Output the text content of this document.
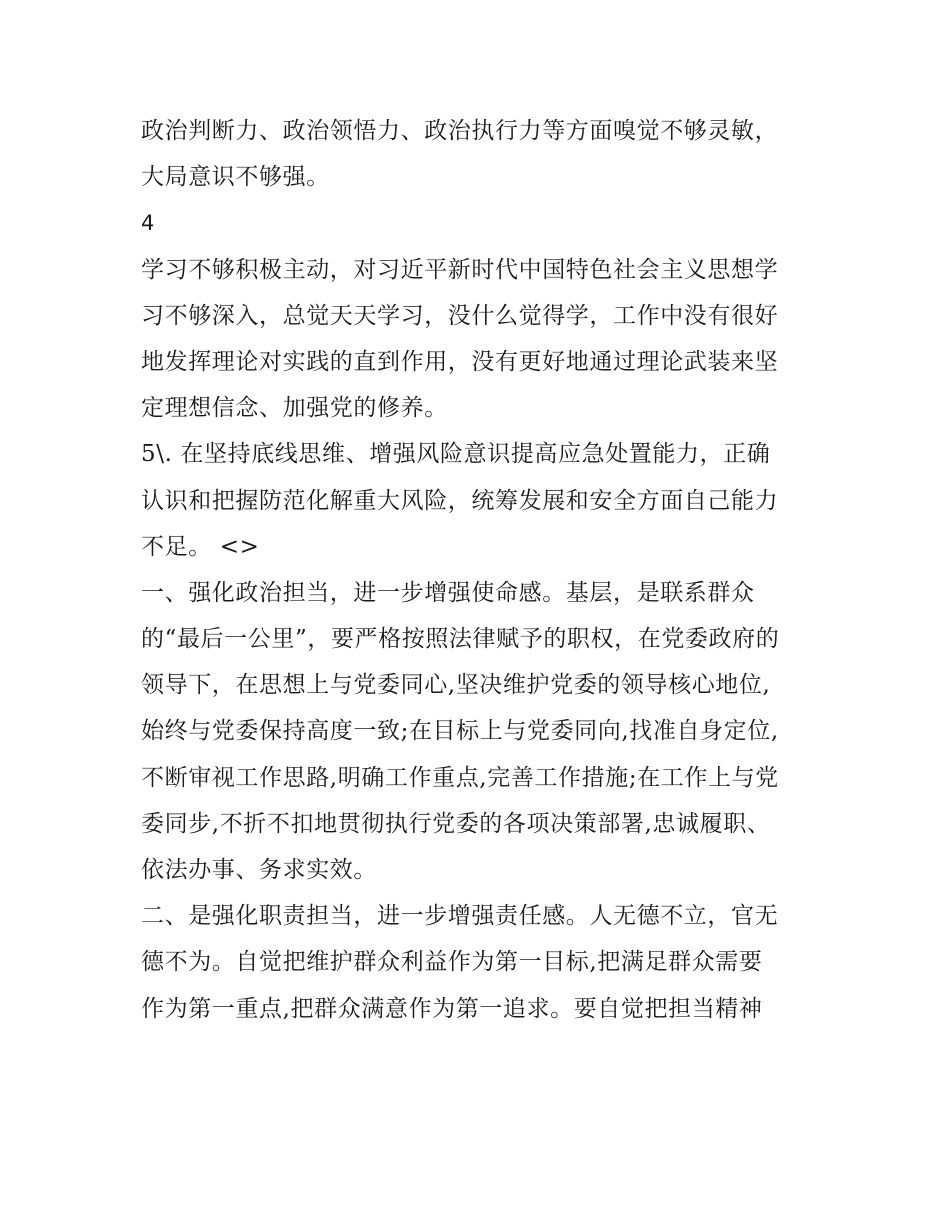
政治判断力、政治领悟力、政治执行力等方面嗅觉不够灵敏，
大局意识不够强。
4
学习不够积极主动，对习近平新时代中国特色社会主义思想学
习不够深入，总觉天天学习，没什么觉得学，工作中没有很好
地发挥理论对实践的直到作用，没有更好地通过理论武装来坚
定理想信念、加强党的修养。
5\. 在坚持底线思维、增强风险意识提高应急处置能力，正确
认识和把握防范化解重大风险，统筹发展和安全方面自己能力
不足。 <>
一、强化政治担当，进一步增强使命感。基层，是联系群众
的“最后一公里”，要严格按照法律赋予的职权，在党委政府的
领导下，在思想上与党委同心,坚决维护党委的领导核心地位,
始终与党委保持高度一致;在目标上与党委同向,找准自身定位,
不断审视工作思路,明确工作重点,完善工作措施;在工作上与党
委同步,不折不扣地贯彻执行党委的各项决策部署,忠诚履职、
依法办事、务求实效。
二、是强化职责担当，进一步增强责任感。人无德不立，官无
德不为。自觉把维护群众利益作为第一目标,把满足群众需要
作为第一重点,把群众满意作为第一追求。要自觉把担当精神
